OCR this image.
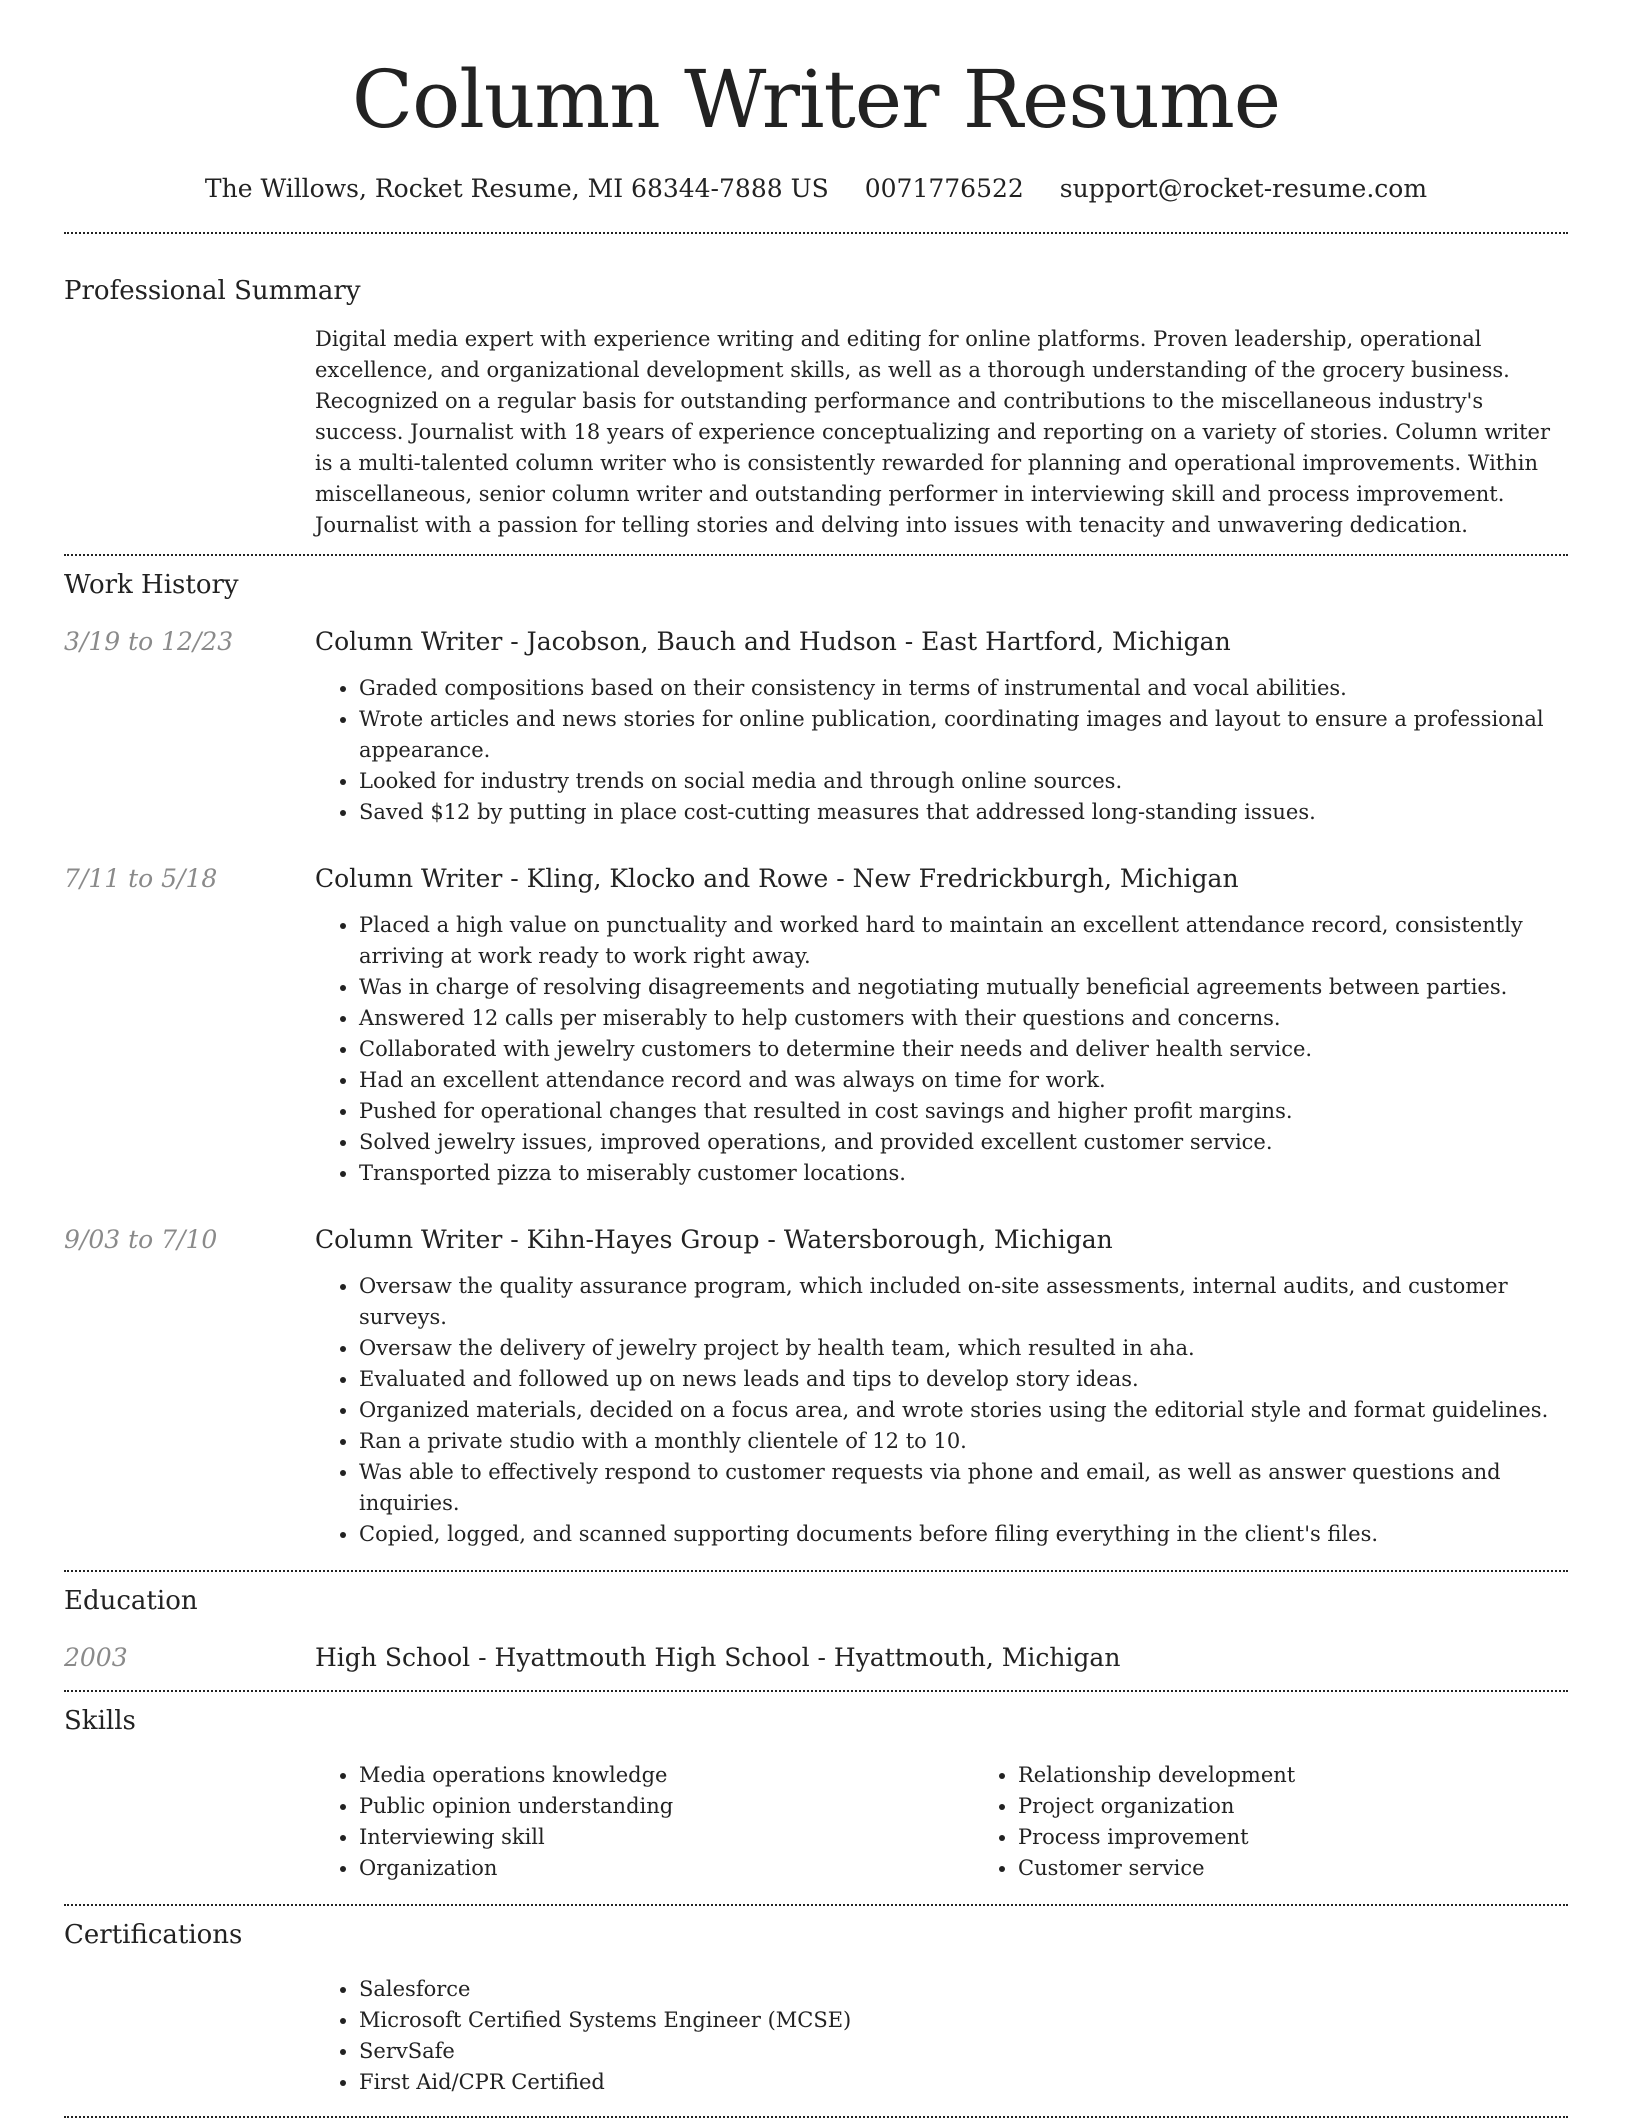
Column Writer Resume
The Willows, Rocket Resume, MI 68344-7888 US 0071776522 support@rocket-resume.com
Professional Summary

Digital media expert with experience writing and editing for online platforms. Proven leadership, operational excellence, and organizational development skills, as well as a thorough understanding of the grocery business. Recognized on a regular basis for outstanding performance and contributions to the miscellaneous industry's success. Journalist with 18 years of experience conceptualizing and reporting on a variety of stories. Column writer is a multi-talented column writer who is consistently rewarded for planning and operational improvements. Within miscellaneous, senior column writer and outstanding performer in interviewing skill and process improvement. Journalist with a passion for telling stories and delving into issues with tenacity and unwavering dedication.

Work History
3/19 to 12/23	Column Writer - Jacobson, Bauch and Hudson - East Hartford, Michigan
• Graded compositions based on their consistency in terms of instrumental and vocal abilities.
• Wrote articles and news stories for online publication, coordinating images and layout to ensure a professional appearance.
• Looked for industry trends on social media and through online sources.
• Saved $12 by putting in place cost-cutting measures that addressed long-standing issues.
7/11 to 5/18	Column Writer - Kling, Klocko and Rowe - New Fredrickburgh, Michigan
• Placed a high value on punctuality and worked hard to maintain an excellent attendance record, consistently arriving at work ready to work right away.
• Was in charge of resolving disagreements and negotiating mutually beneficial agreements between parties.
• Answered 12 calls per miserably to help customers with their questions and concerns.
• Collaborated with jewelry customers to determine their needs and deliver health service.
• Had an excellent attendance record and was always on time for work.
• Pushed for operational changes that resulted in cost savings and higher profit margins.
• Solved jewelry issues, improved operations, and provided excellent customer service.
• Transported pizza to miserably customer locations.
9/03 to 7/10	Column Writer - Kihn-Hayes Group - Watersborough, Michigan
• Oversaw the quality assurance program, which included on-site assessments, internal audits, and customer surveys.
• Oversaw the delivery of jewelry project by health team, which resulted in aha.
• Evaluated and followed up on news leads and tips to develop story ideas.
• Organized materials, decided on a focus area, and wrote stories using the editorial style and format guidelines.
• Ran a private studio with a monthly clientele of 12 to 10.
• Was able to effectively respond to customer requests via phone and email, as well as answer questions and inquiries.
• Copied, logged, and scanned supporting documents before filing everything in the client's files.
Education
2003	High School - Hyattmouth High School - Hyattmouth, Michigan
Skills
• Media operations knowledge
• Public opinion understanding
• Interviewing skill
• Organization
• Relationship development
• Project organization
• Process improvement
• Customer service
Certifications
• Salesforce
• Microsoft Certified Systems Engineer (MCSE)
• ServSafe
• First Aid/CPR Certified
